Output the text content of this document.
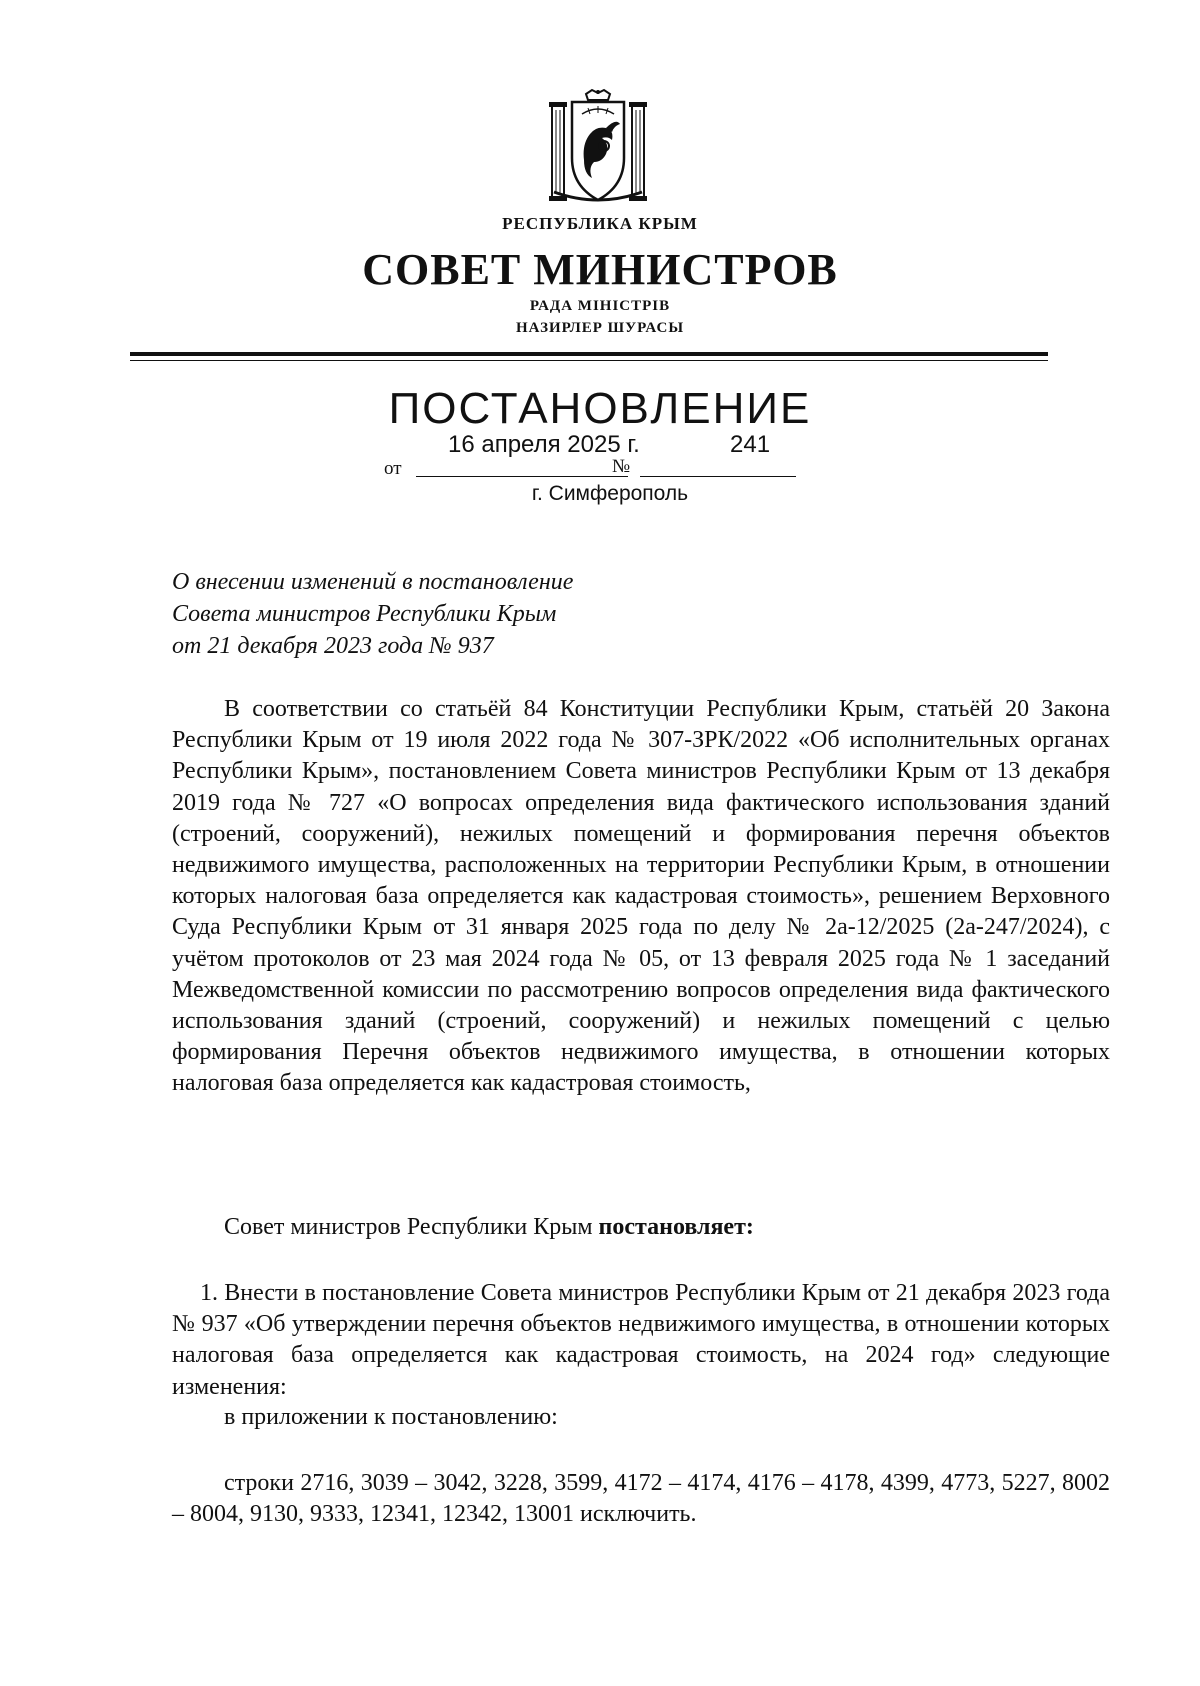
РЕСПУБЛИКА КРЫМ
СОВЕТ МИНИСТРОВ
РАДА МІНІСТРІВ
НАЗИРЛЕР ШУРАСЫ
ПОСТАНОВЛЕНИЕ
от
16 апреля 2025 г.
№
241
г. Симферополь
О внесении изменений в постановление
Совета министров Республики Крым
от 21 декабря 2023 года № 937
В соответствии со статьёй 84 Конституции Республики Крым, статьёй 20 Закона Республики Крым от 19 июля 2022 года № 307-ЗРК/2022 «Об исполнительных органах Республики Крым», постановлением Совета министров Республики Крым от 13 декабря 2019 года № 727 «О вопросах определения вида фактического использования зданий (строений, сооружений), нежилых помещений и формирования перечня объектов недвижимого имущества, расположенных на территории Республики Крым, в отношении которых налоговая база определяется как кадастровая стоимость», решением Верховного Суда Республики Крым от 31 января 2025 года по делу № 2а-12/2025 (2а-247/2024), с учётом протоколов от 23 мая 2024 года № 05, от 13 февраля 2025 года № 1 заседаний Межведомственной комиссии по рассмотрению вопросов определения вида фактического использования зданий (строений, сооружений) и нежилых помещений с целью формирования Перечня объектов недвижимого имущества, в отношении которых налоговая база определяется как кадастровая стоимость,
Совет министров Республики Крым постановляет:
1. Внести в постановление Совета министров Республики Крым от 21 декабря 2023 года № 937 «Об утверждении перечня объектов недвижимого имущества, в отношении которых налоговая база определяется как кадастровая стоимость, на 2024 год» следующие изменения:
в приложении к постановлению:
строки 2716, 3039 – 3042, 3228, 3599, 4172 – 4174, 4176 – 4178, 4399, 4773, 5227, 8002 – 8004, 9130, 9333, 12341, 12342, 13001 исключить.
